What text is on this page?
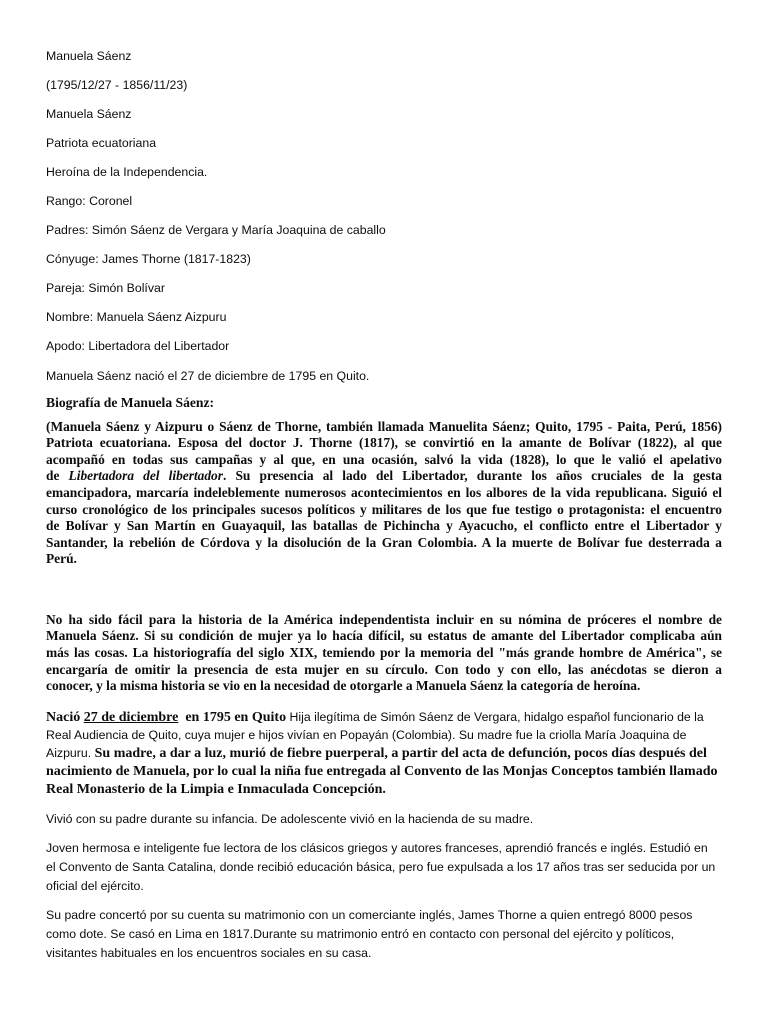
Manuela Sáenz
(1795/12/27 - 1856/11/23)
Manuela Sáenz
Patriota ecuatoriana
Heroína de la Independencia.
Rango: Coronel
Padres: Simón Sáenz de Vergara y María Joaquina de caballo
Cónyuge: James Thorne (1817-1823)
Pareja: Simón Bolívar
Nombre: Manuela Sáenz Aizpuru
Apodo: Libertadora del Libertador
Manuela Sáenz nació el 27 de diciembre de 1795 en Quito.
Biografía de Manuela Sáenz:
(Manuela Sáenz y Aizpuru o Sáenz de Thorne, también llamada Manuelita Sáenz; Quito, 1795 - Paita, Perú, 1856)
Patriota ecuatoriana. Esposa del doctor J. Thorne (1817), se convirtió en la amante de Bolívar (1822), al que
acompañó en todas sus campañas y al que, en una ocasión, salvó la vida (1828), lo que le valió el apelativo
de Libertadora del libertador. Su presencia al lado del Libertador, durante los años cruciales de la gesta
emancipadora, marcaría indeleblemente numerosos acontecimientos en los albores de la vida republicana. Siguió el
curso cronológico de los principales sucesos políticos y militares de los que fue testigo o protagonista: el encuentro
de Bolívar y San Martín en Guayaquil, las batallas de Pichincha y Ayacucho, el conflicto entre el Libertador y
Santander, la rebelión de Córdova y la disolución de la Gran Colombia. A la muerte de Bolívar fue desterrada a
Perú.
No ha sido fácil para la historia de la América independentista incluir en su nómina de próceres el nombre de
Manuela Sáenz. Si su condición de mujer ya lo hacía difícil, su estatus de amante del Libertador complicaba aún
más las cosas. La historiografía del siglo XIX, temiendo por la memoria del "más grande hombre de América", se
encargaría de omitir la presencia de esta mujer en su círculo. Con todo y con ello, las anécdotas se dieron a
conocer, y la misma historia se vio en la necesidad de otorgarle a Manuela Sáenz la categoría de heroína.
Nació 27 de diciembre  en 1795 en Quito Hija ilegítima de Simón Sáenz de Vergara, hidalgo español funcionario de la
Real Audiencia de Quito, cuya mujer e hijos vivían en Popayán (Colombia). Su madre fue la criolla María Joaquina de
Aizpuru. Su madre, a dar a luz, murió de fiebre puerperal, a partir del acta de defunción, pocos días después del
nacimiento de Manuela, por lo cual la niña fue entregada al Convento de las Monjas Conceptos también llamado
Real Monasterio de la Limpia e Inmaculada Concepción.
Vivió con su padre durante su infancia. De adolescente vivió en la hacienda de su madre.
Joven hermosa e inteligente fue lectora de los clásicos griegos y autores franceses, aprendió francés e inglés. Estudió en
el Convento de Santa Catalina, donde recibió educación básica, pero fue expulsada a los 17 años tras ser seducida por un
oficial del ejército.
Su padre concertó por su cuenta su matrimonio con un comerciante inglés, James Thorne a quien entregó 8000 pesos
como dote. Se casó en Lima en 1817.Durante su matrimonio entró en contacto con personal del ejército y políticos,
visitantes habituales en los encuentros sociales en su casa.
